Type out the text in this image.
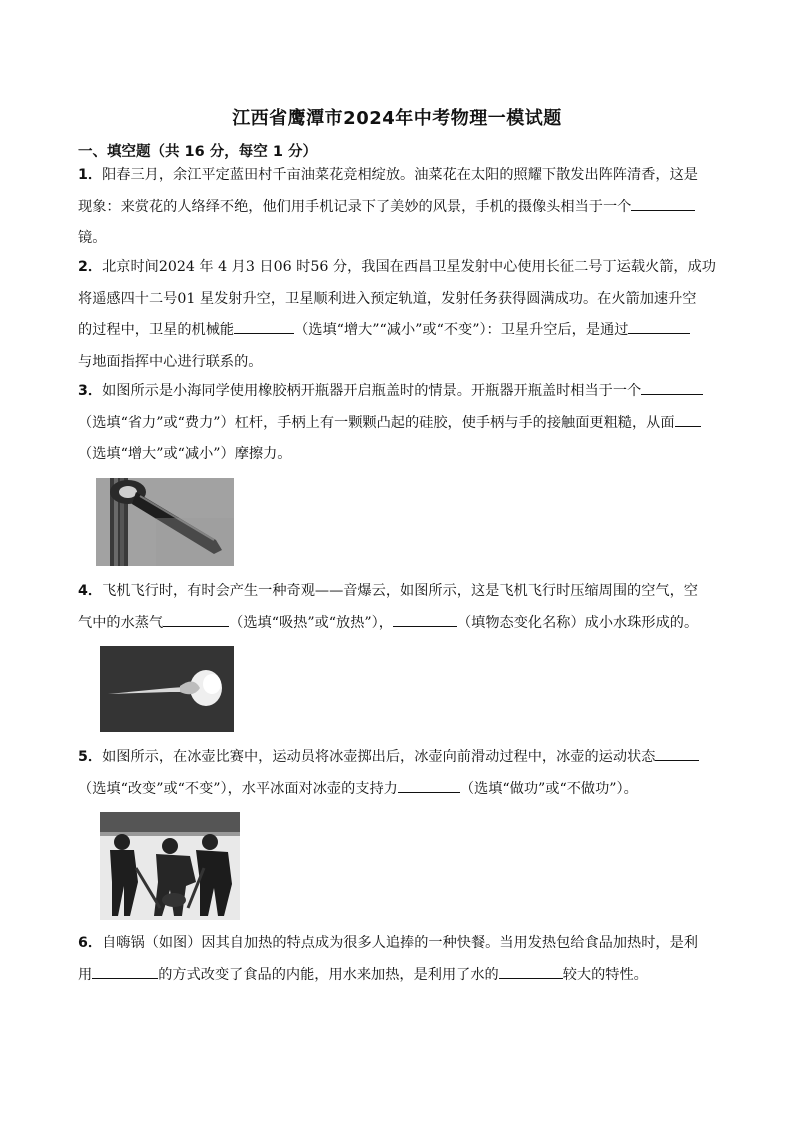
江西省鹰潭市2024年中考物理一模试题
一、填空题（共 16 分，每空 1 分）
1．阳春三月，余江平定蓝田村千亩油菜花竞相绽放。油菜花在太阳的照耀下散发出阵阵清香，这是
现象：来赏花的人络绎不绝，他们用手机记录下了美妙的风景，手机的摄像头相当于一个
镜。
2．北京时间2024 年 4 月3 日06 时56 分，我国在西昌卫星发射中心使用长征二号丁运载火箭，成功
将遥感四十二号01 星发射升空，卫星顺利进入预定轨道，发射任务获得圆满成功。在火箭加速升空
的过程中，卫星的机械能	（选填“增大”“减小”或“不变”）：卫星升空后，是通过
与地面指挥中心进行联系的。
3．如图所示是小海同学使用橡胶柄开瓶器开启瓶盖时的情景。开瓶器开瓶盖时相当于一个
（选填“省力”或“费力”）杠杆，手柄上有一颗颗凸起的硅胶，使手柄与手的接触面更粗糙，从面
（选填“增大”或“减小”）摩擦力。
4．飞机飞行时，有时会产生一种奇观——音爆云，如图所示，这是飞机飞行时压缩周围的空气，空
气中的水蒸气	（选填“吸热”或“放热”），	（填物态变化名称）成小水珠形成的。
5．如图所示，在冰壶比赛中，运动员将冰壶掷出后，冰壶向前滑动过程中，冰壶的运动状态
（选填“改变”或“不变”），水平冰面对冰壶的支持力	（选填“做功”或“不做功”）。
6．自嗨锅（如图）因其自加热的特点成为很多人追捧的一种快餐。当用发热包给食品加热时，是利
用	的方式改变了食品的内能，用水来加热，是利用了水的	较大的特性。
